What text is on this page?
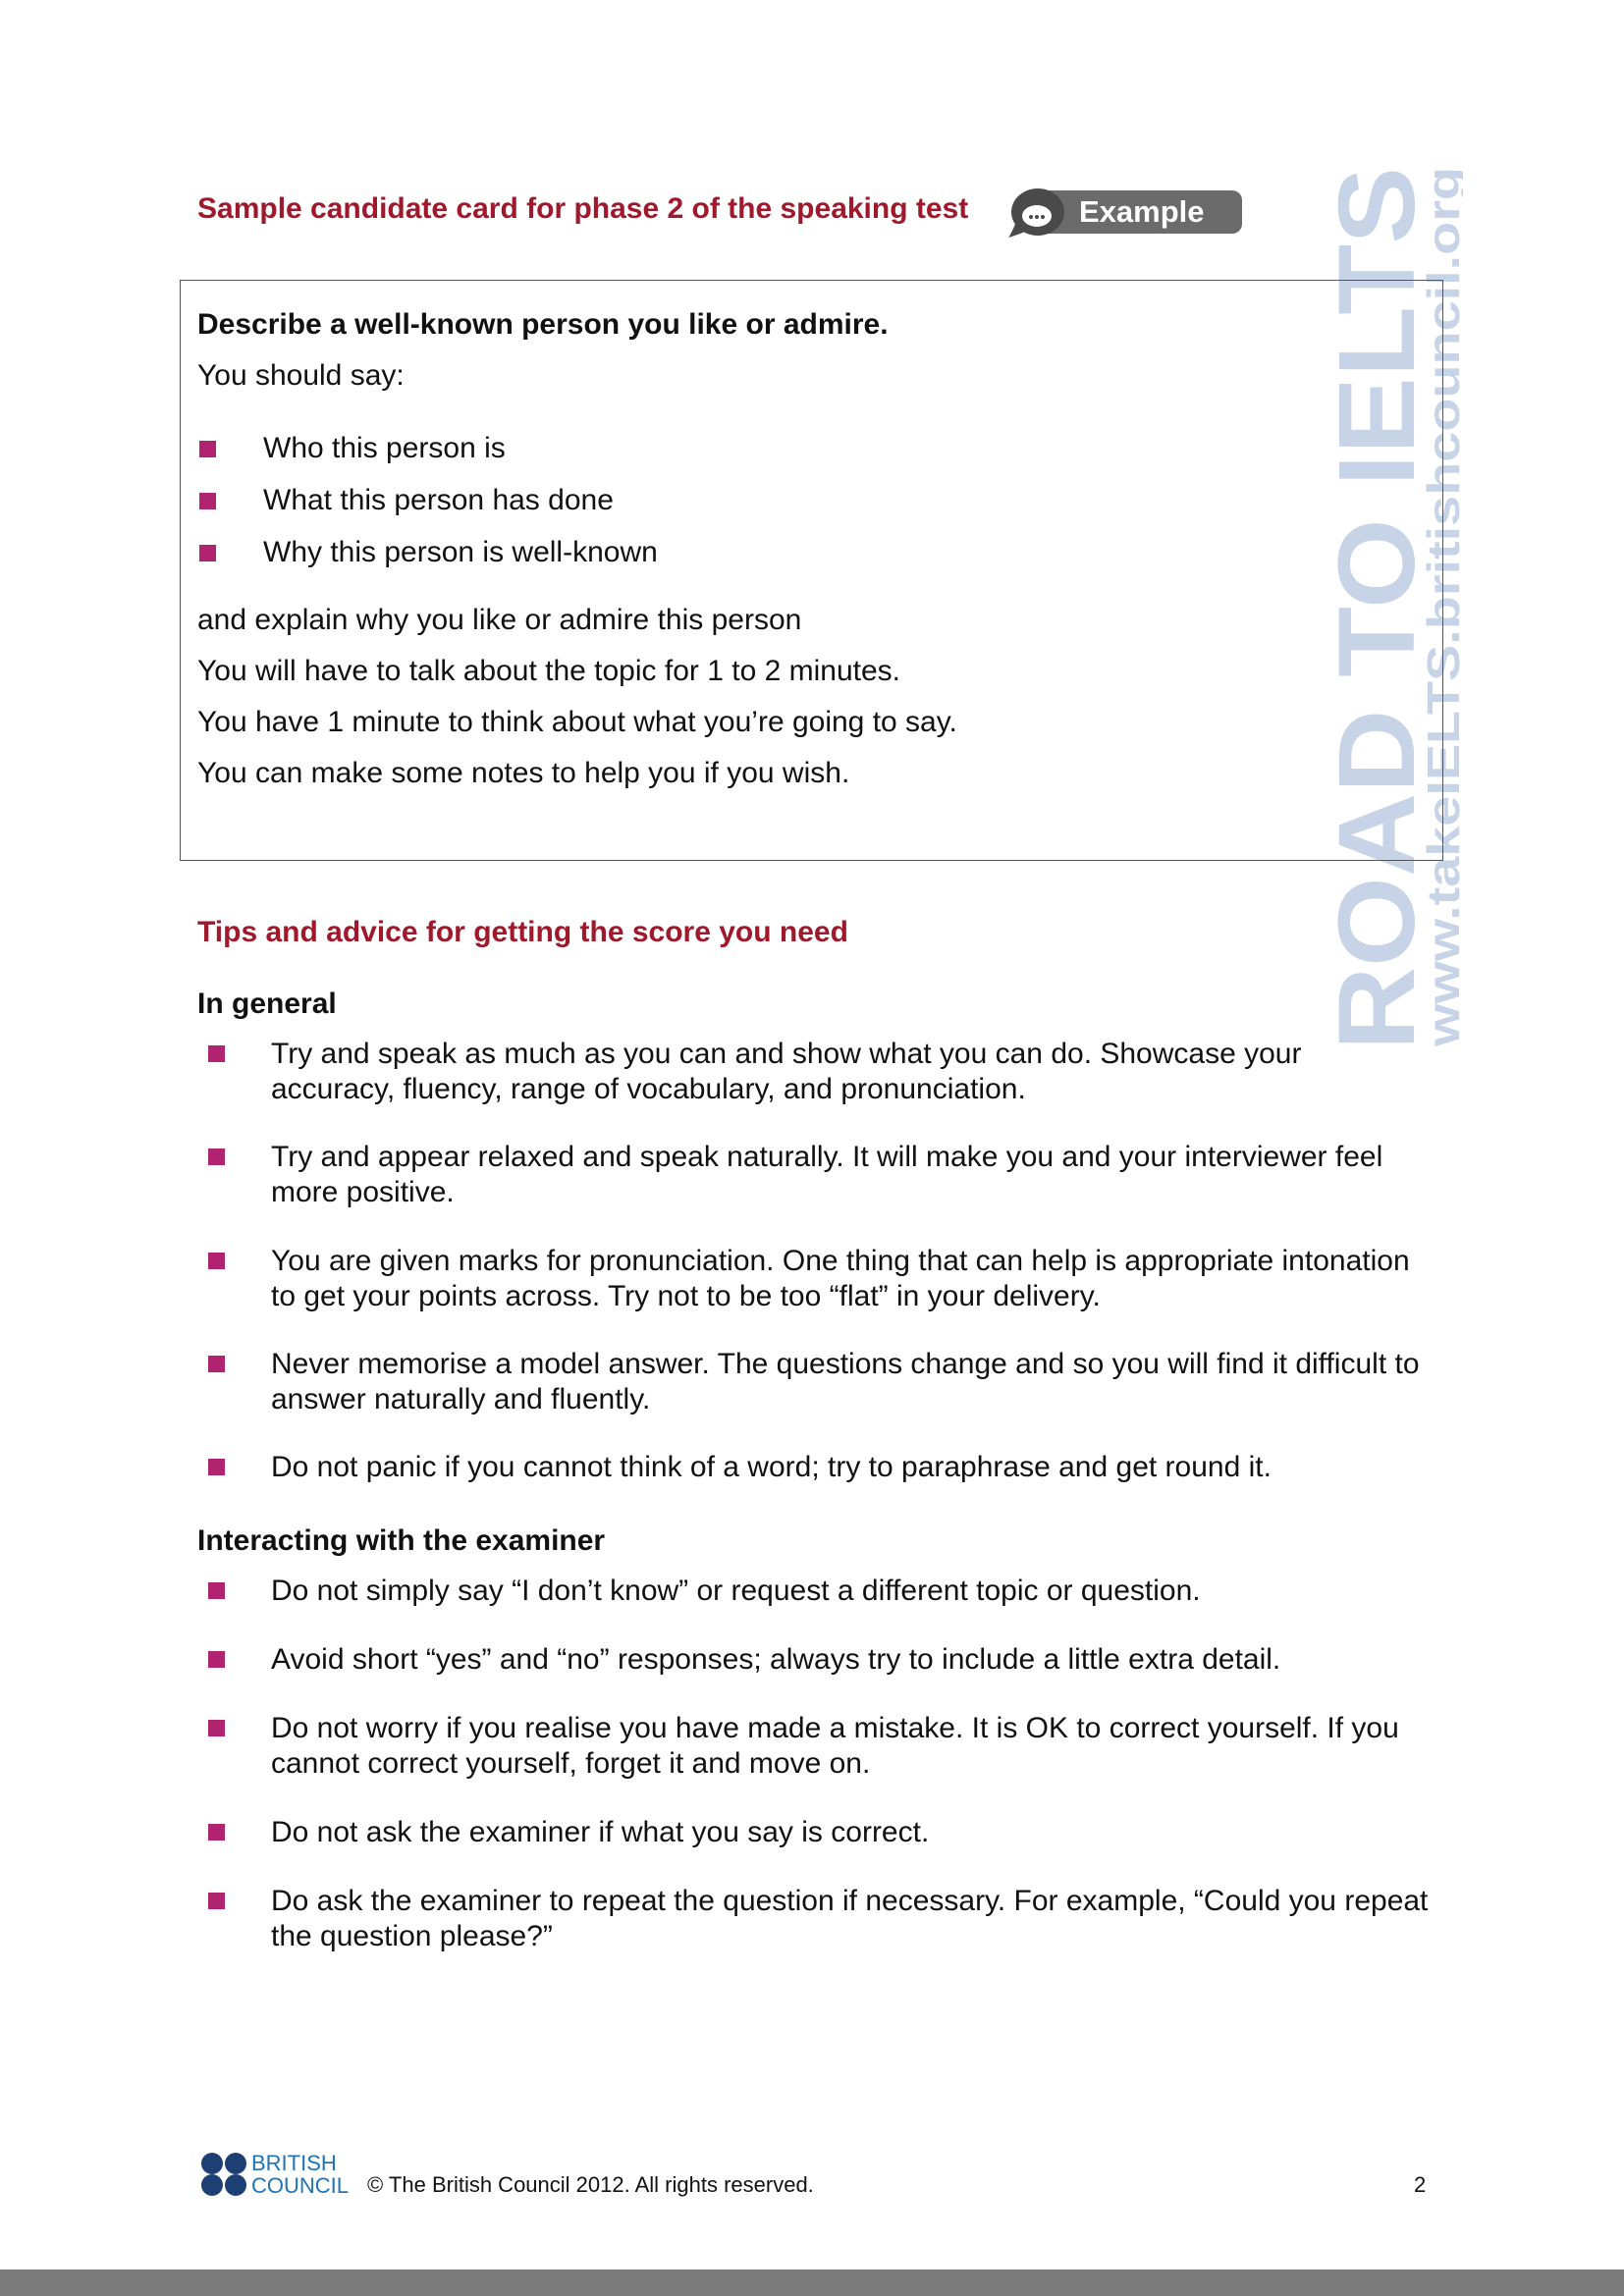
Sample candidate card for phase 2 of the speaking test	Example
ROAD TO IELTS
www.takeIELTS.britishcouncil.org
Describe a well-known person you like or admire.
You should say:
Who this person is
What this person has done
Why this person is well-known
and explain why you like or admire this person
You will have to talk about the topic for 1 to 2 minutes.
You have 1 minute to think about what you’re going to say.
You can make some notes to help you if you wish.
Tips and advice for getting the score you need
In general
Try and speak as much as you can and show what you can do. Showcase your accuracy, fluency, range of vocabulary, and pronunciation.
Try and appear relaxed and speak naturally. It will make you and your interviewer feel more positive.
You are given marks for pronunciation. One thing that can help is appropriate intonation to get your points across. Try not to be too “flat” in your delivery.
Never memorise a model answer. The questions change and so you will find it difficult to answer naturally and fluently.
Do not panic if you cannot think of a word; try to paraphrase and get round it.
Interacting with the examiner
Do not simply say “I don’t know” or request a different topic or question.
Avoid short “yes” and “no” responses; always try to include a little extra detail.
Do not worry if you realise you have made a mistake. It is OK to correct yourself. If you cannot correct yourself, forget it and move on.
Do not ask the examiner if what you say is correct.
Do ask the examiner to repeat the question if necessary. For example, “Could you repeat the question please?”
BRITISH
COUNCIL © The British Council 2012. All rights reserved.	2
